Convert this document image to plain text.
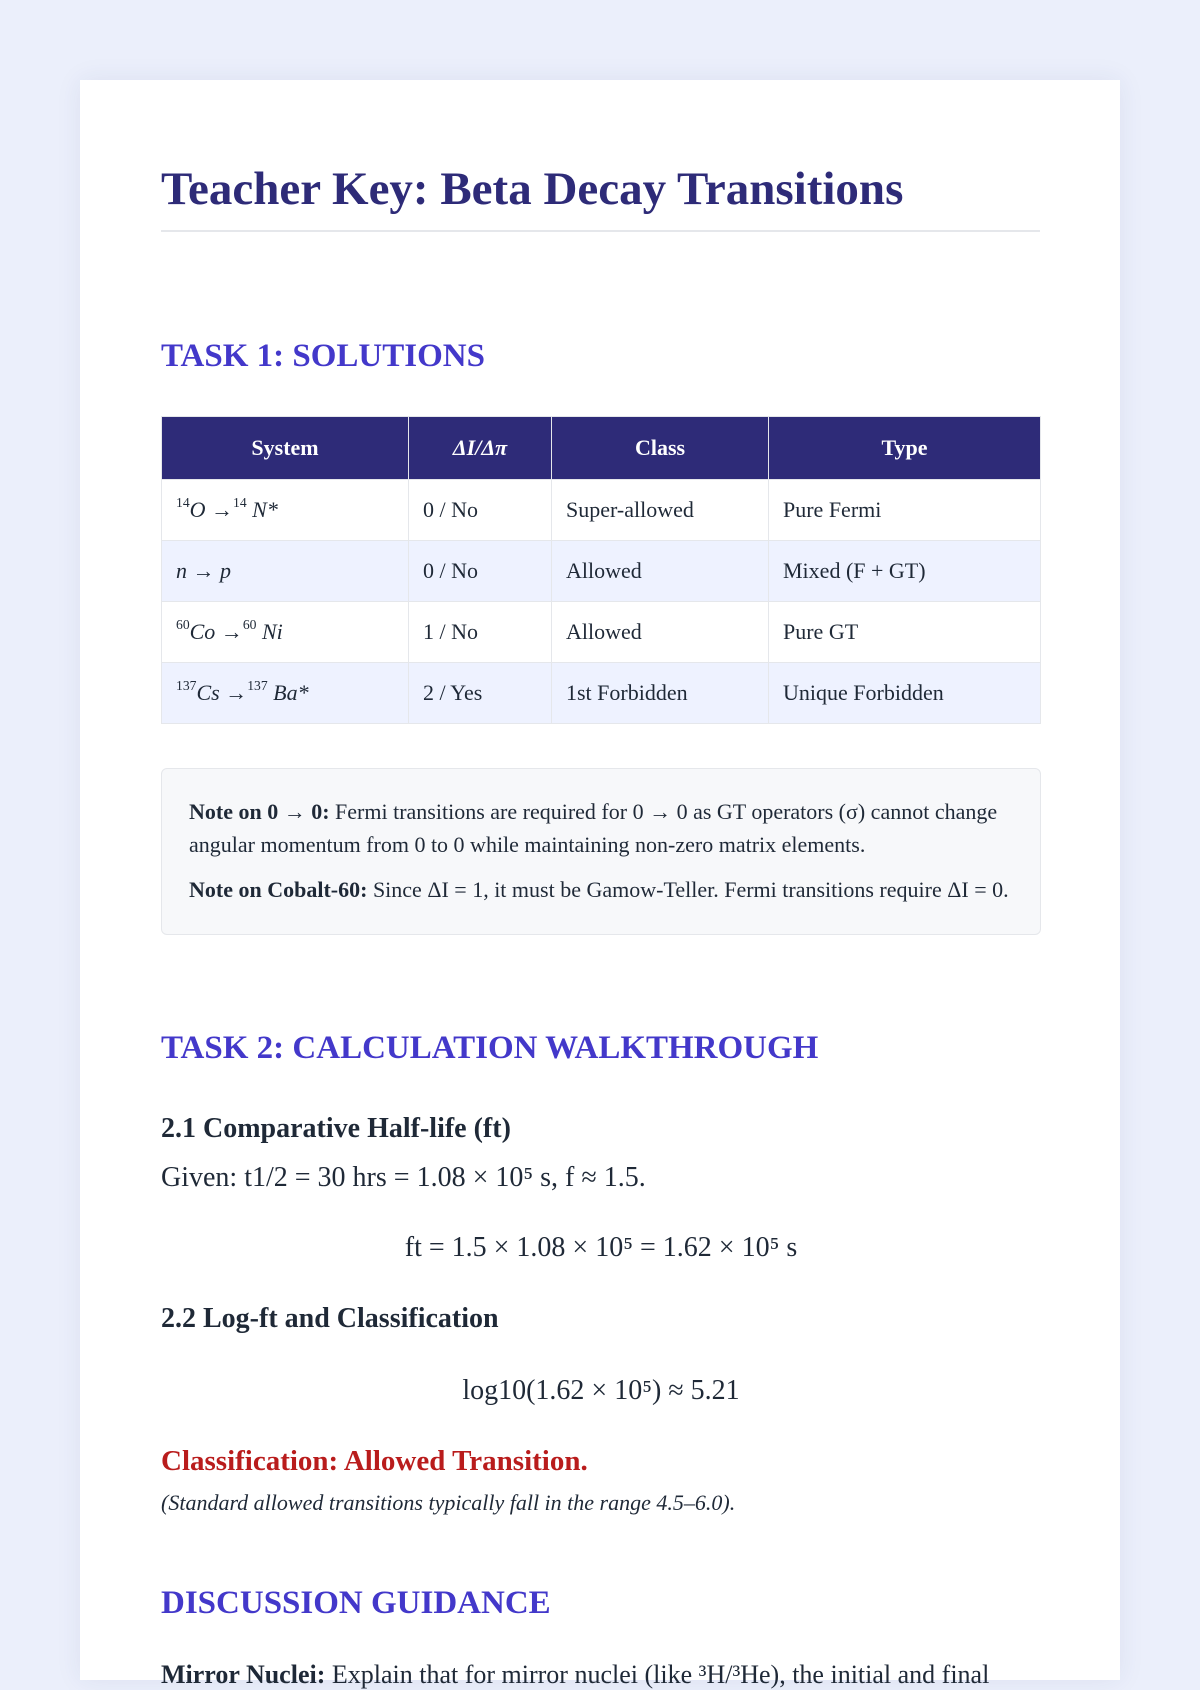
Teacher Key: Beta Decay Transitions
TASK 1: SOLUTIONS
System	ΔI/Δπ	Class	Type
$^{14}$O →$^{14}$ N*	0 / No	Super-allowed	Pure Fermi
n → p	0 / No	Allowed	Mixed (F + GT)
$^{60}$Co →$^{60}$ Ni	1 / No	Allowed	Pure GT
$^{137}$Cs →$^{137}$ Ba*	2 / Yes	1st Forbidden	Unique Forbidden

Note on 0 → 0: Fermi transitions are required for 0 → 0 as GT operators (σ) cannot change angular momentum from 0 to 0 while maintaining non-zero matrix elements.

Note on Cobalt-60: Since ΔI = 1, it must be Gamow-Teller. Fermi transitions require ΔI = 0.

TASK 2: CALCULATION WALKTHROUGH
2.1 Comparative Half-life (ft)
Given: t1/2 = 30 hrs = 1.08 × 10⁵ s, f ≈ 1.5.
ft = 1.5 × 1.08 × 10⁵ = 1.62 × 10⁵ s
2.2 Log-ft and Classification
log10(1.62 × 10⁵) ≈ 5.21
Classification: Allowed Transition.
(Standard allowed transitions typically fall in the range 4.5–6.0).
DISCUSSION GUIDANCE
Mirror Nuclei: Explain that for mirror nuclei (like ³H/³He), the initial and final
